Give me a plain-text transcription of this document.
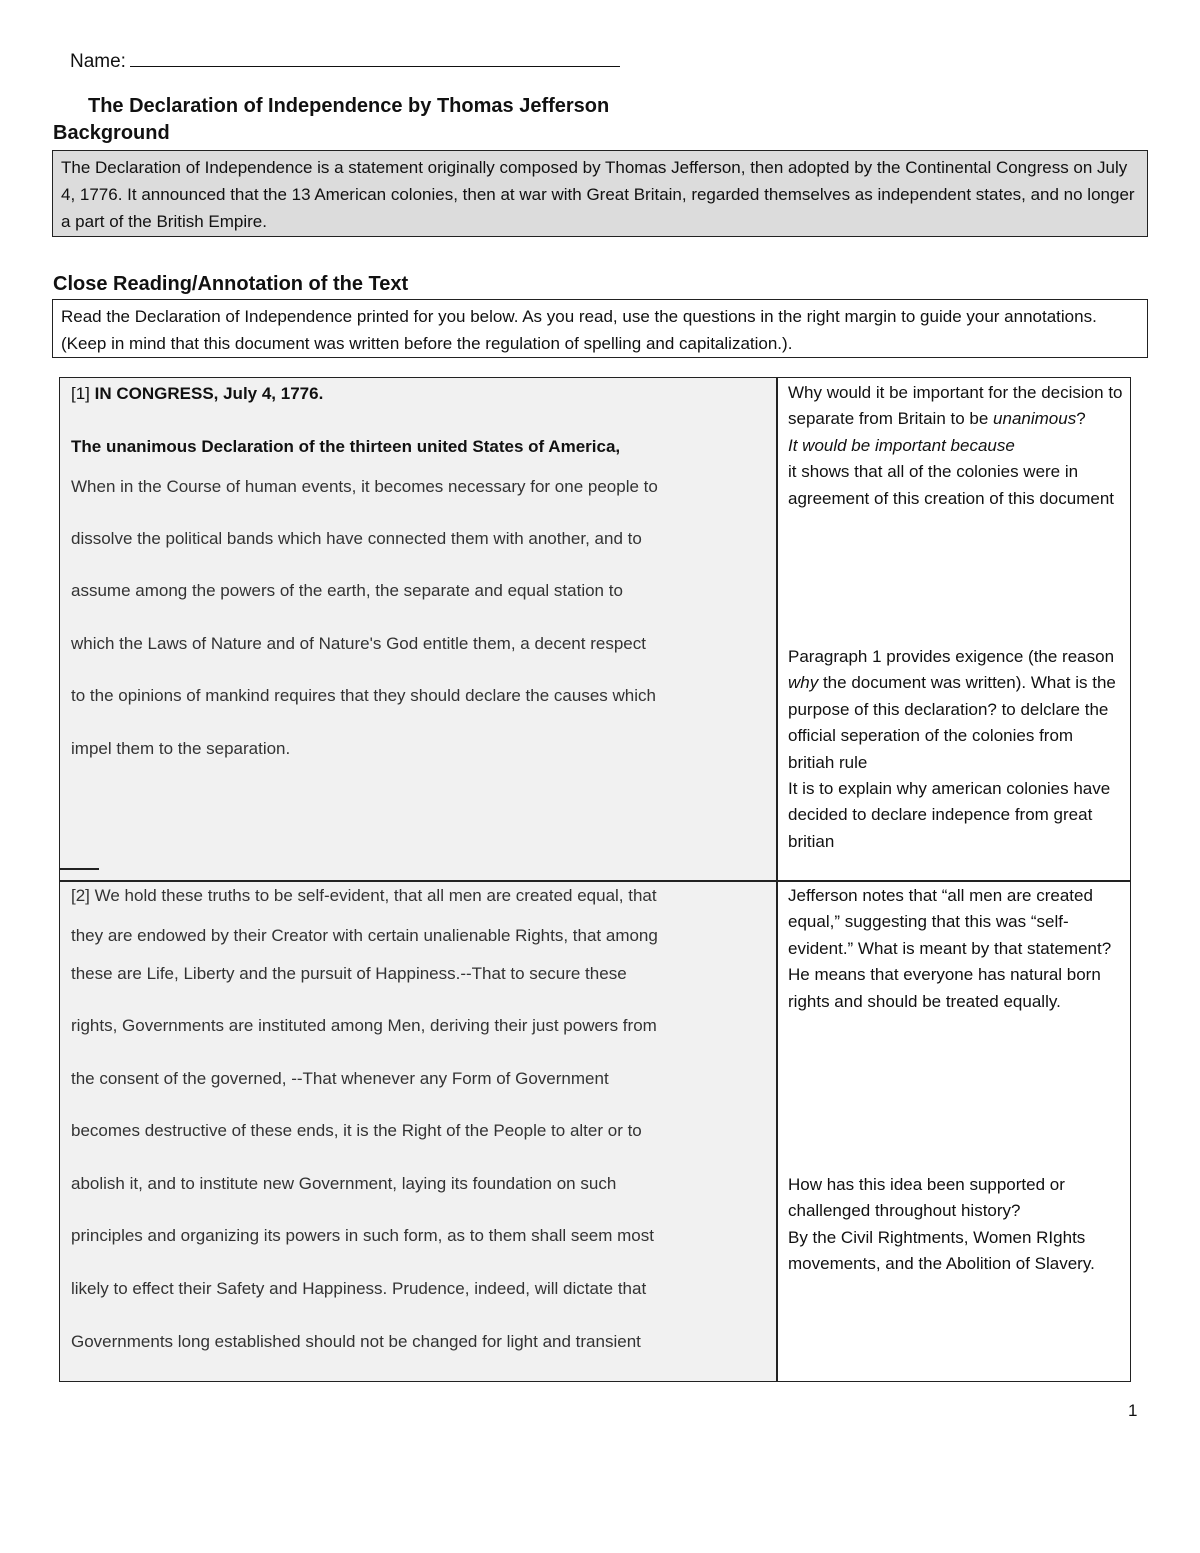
Name:
The Declaration of Independence by Thomas Jefferson
Background
The Declaration of Independence is a statement originally composed by Thomas Jefferson, then adopted by the Continental Congress on July 4, 1776. It announced that the 13 American colonies, then at war with Great Britain, regarded themselves as independent states, and no longer a part of the British Empire.
Close Reading/Annotation of the Text
Read the Declaration of Independence printed for you below. As you read, use the questions in the right margin to guide your annotations. (Keep in mind that this document was written before the regulation of spelling and capitalization.).

[1] IN CONGRESS, July 4, 1776.

The unanimous Declaration of the thirteen united States of America,

When in the Course of human events, it becomes necessary for one people to

dissolve the political bands which have connected them with another, and to

assume among the powers of the earth, the separate and equal station to

which the Laws of Nature and of Nature's God entitle them, a decent respect

to the opinions of mankind requires that they should declare the causes which

impel them to the separation.

[2] We hold these truths to be self-evident, that all men are created equal, that

they are endowed by their Creator with certain unalienable Rights, that among

these are Life, Liberty and the pursuit of Happiness.--That to secure these

rights, Governments are instituted among Men, deriving their just powers from

the consent of the governed, --That whenever any Form of Government

becomes destructive of these ends, it is the Right of the People to alter or to

abolish it, and to institute new Government, laying its foundation on such

principles and organizing its powers in such form, as to them shall seem most

likely to effect their Safety and Happiness. Prudence, indeed, will dictate that

Governments long established should not be changed for light and transient

Why would it be important for the decision to separate from Britain to be unanimous?

It would be important because

it shows that all of the colonies were in agreement of this creation of this document

Paragraph 1 provides exigence (the reason why the document was written). What is the purpose of this declaration? to delclare the official seperation of the colonies from britiah rule

It is to explain why american colonies have decided to declare indepence from great britian

Jefferson notes that “all men are created equal,” suggesting that this was “self-evident.” What is meant by that statement?

He means that everyone has natural born rights and should be treated equally.

How has this idea been supported or challenged throughout history?

By the Civil Rightments, Women RIghts movements, and the Abolition of Slavery.

1
